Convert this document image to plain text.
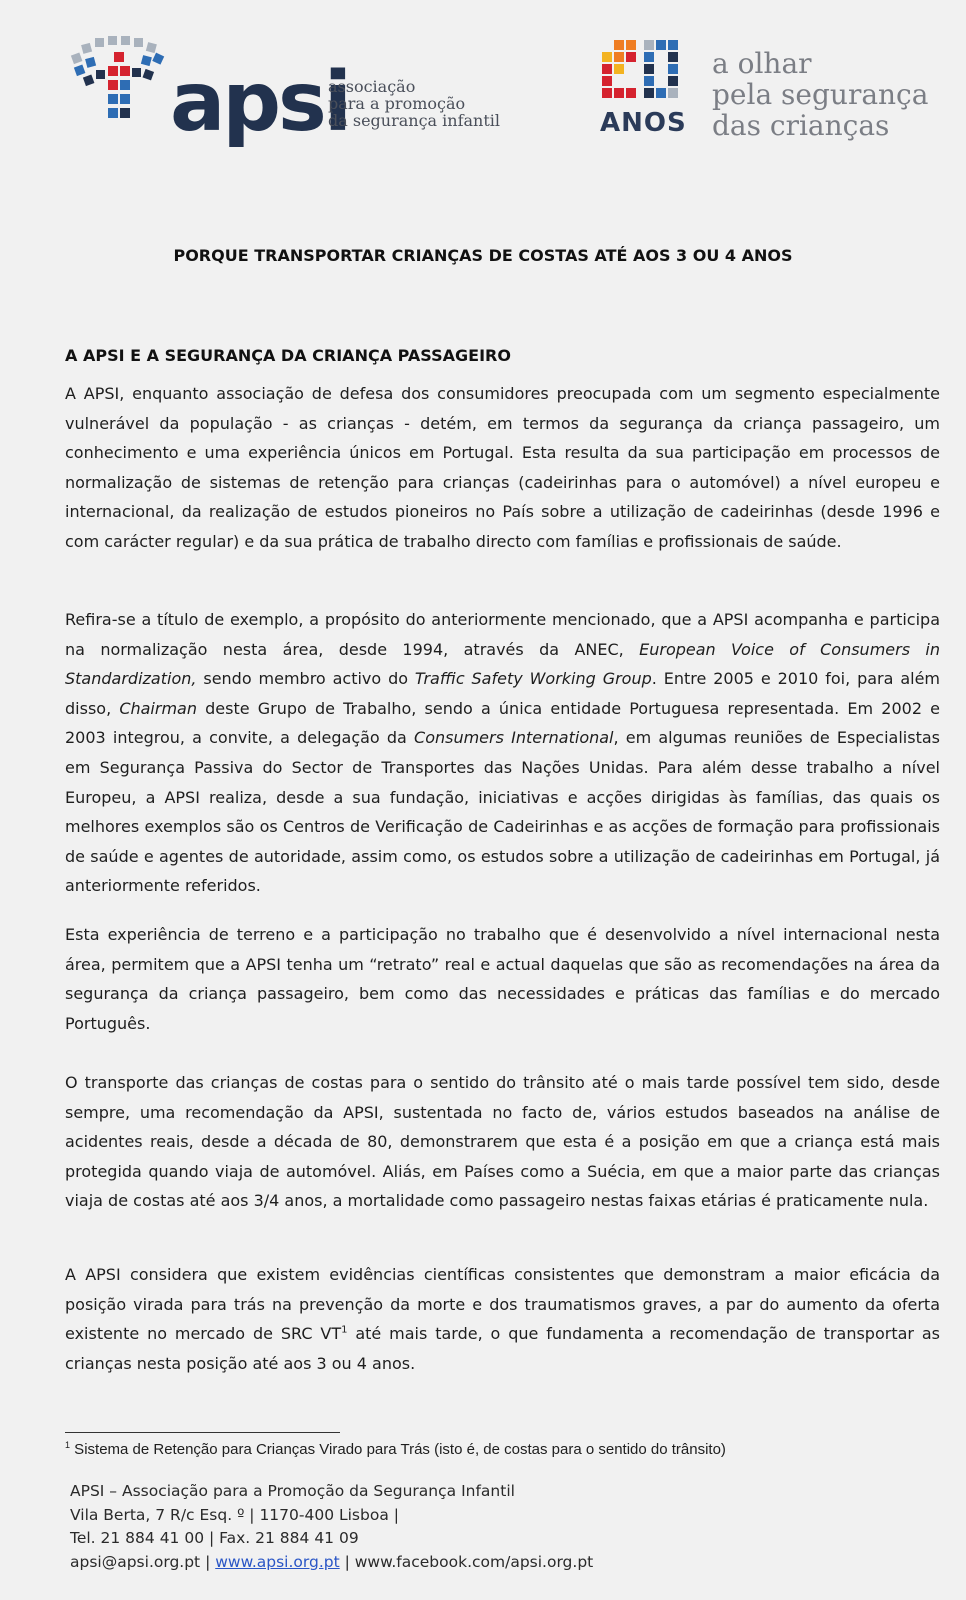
apsi
associação
para a promoção
da segurança infantil	ANOS
a olhar
pela segurança
das crianças
PORQUE TRANSPORTAR CRIANÇAS DE COSTAS ATÉ AOS 3 OU 4 ANOS
A APSI E A SEGURANÇA DA CRIANÇA PASSAGEIRO

A APSI, enquanto associação de defesa dos consumidores preocupada com um segmento especialmente vulnerável da população - as crianças - detém, em termos da segurança da criança passageiro, um conhecimento e uma experiência únicos em Portugal. Esta resulta da sua participação em processos de normalização de sistemas de retenção para crianças (cadeirinhas para o automóvel) a nível europeu e internacional, da realização de estudos pioneiros no País sobre a utilização de cadeirinhas (desde 1996 e com carácter regular) e da sua prática de trabalho directo com famílias e profissionais de saúde.

Refira-se a título de exemplo, a propósito do anteriormente mencionado, que a APSI acompanha e participa na normalização nesta área, desde 1994, através da ANEC, European Voice of Consumers in Standardization, sendo membro activo do Traffic Safety Working Group. Entre 2005 e 2010 foi, para além disso, Chairman deste Grupo de Trabalho, sendo a única entidade Portuguesa representada. Em 2002 e 2003 integrou, a convite, a delegação da Consumers International, em algumas reuniões de Especialistas em Segurança Passiva do Sector de Transportes das Nações Unidas. Para além desse trabalho a nível Europeu, a APSI realiza, desde a sua fundação, iniciativas e acções dirigidas às famílias, das quais os melhores exemplos são os Centros de Verificação de Cadeirinhas e as acções de formação para profissionais de saúde e agentes de autoridade, assim como, os estudos sobre a utilização de cadeirinhas em Portugal, já anteriormente referidos.

Esta experiência de terreno e a participação no trabalho que é desenvolvido a nível internacional nesta área, permitem que a APSI tenha um “retrato” real e actual daquelas que são as recomendações na área da segurança da criança passageiro, bem como das necessidades e práticas das famílias e do mercado Português.

O transporte das crianças de costas para o sentido do trânsito até o mais tarde possível tem sido, desde sempre, uma recomendação da APSI, sustentada no facto de, vários estudos baseados na análise de acidentes reais, desde a década de 80, demonstrarem que esta é a posição em que a criança está mais protegida quando viaja de automóvel. Aliás, em Países como a Suécia, em que a maior parte das crianças viaja de costas até aos 3/4 anos, a mortalidade como passageiro nestas faixas etárias é praticamente nula.

A APSI considera que existem evidências científicas consistentes que demonstram a maior eficácia da posição virada para trás na prevenção da morte e dos traumatismos graves, a par do aumento da oferta existente no mercado de SRC $VT^1$ até mais tarde, o que fundamenta a recomendação de transportar as crianças nesta posição até aos 3 ou 4 anos.

$^1$ Sistema de Retenção para Crianças Virado para Trás (isto é, de costas para o sentido do trânsito)
APSI – Associação para a Promoção da Segurança Infantil
Vila Berta, 7 R/c Esq. º | 1170-400 Lisboa |
Tel. 21 884 41 00 | Fax. 21 884 41 09
apsi@apsi.org.pt | www.apsi.org.pt | www.facebook.com/apsi.org.pt
